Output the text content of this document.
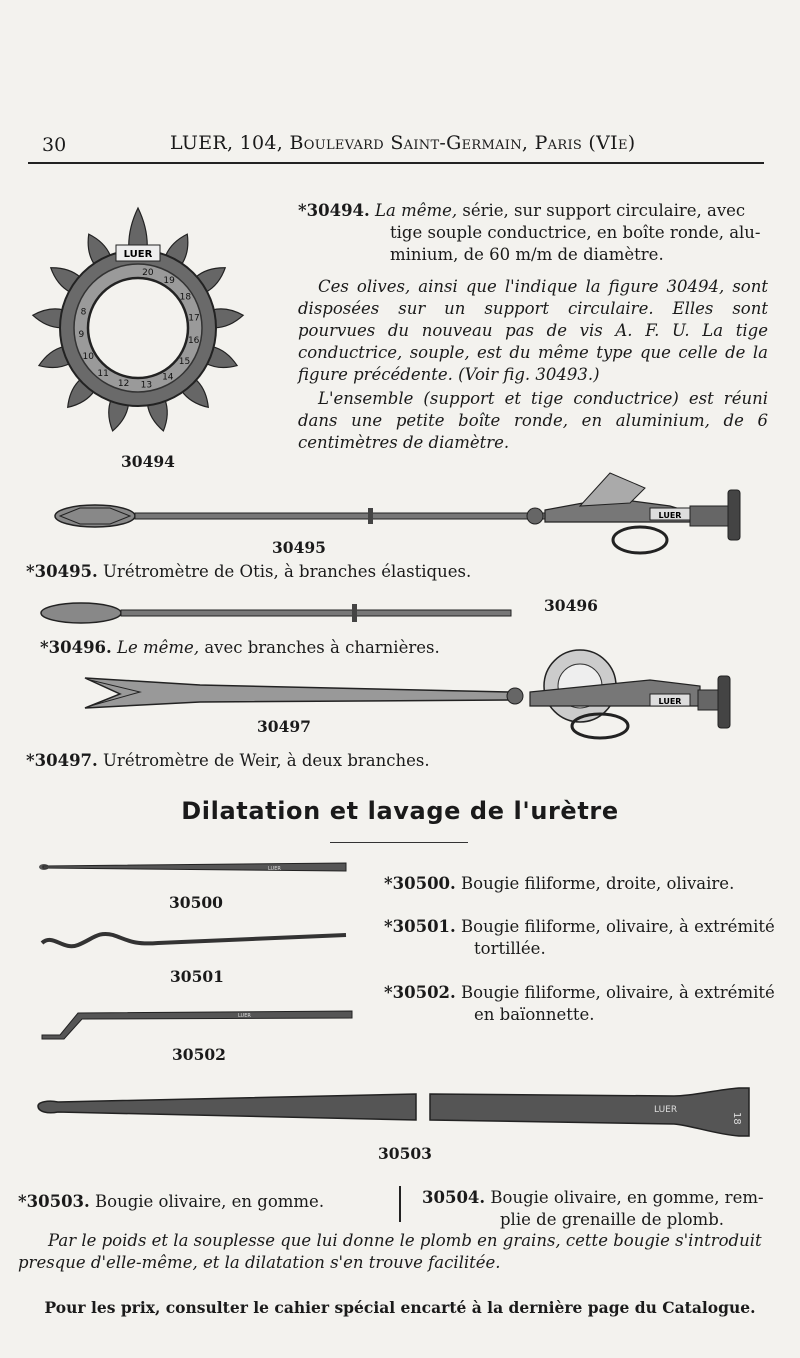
30	LUER, 104, Boulevard Saint-Germain, Paris (VIe)
LUER
20
19
18
17
16
15
14
13
12
11
10
9
8
30494
*30494. La même, série, sur support circulaire, avec
tige souple conductrice, en boîte ronde, alu-
minium, de 60 m/m de diamètre.
Ces olives, ainsi que l'indique la figure 30494, sont disposées sur un support circulaire. Elles sont pourvues du nouveau pas de vis A. F. U. La tige conductrice, souple, est du même type que celle de la figure précédente. (Voir fig. 30493.)
L'ensemble (support et tige conductrice) est réuni dans une petite boîte ronde, en aluminium, de 6 centimètres de diamètre.
LUER
30495
*30495. Urétromètre de Otis, à branches élastiques.
30496
*30496. Le même, avec branches à charnières.
LUER
30497
*30497. Urétromètre de Weir, à deux branches.
Dilatation et lavage de l'urètre
LUER
30500
30501
LUER
30502
*30500. Bougie filiforme, droite, olivaire.
*30501. Bougie filiforme, olivaire, à extrémité
tortillée.
*30502. Bougie filiforme, olivaire, à extrémité
en baïonnette.
LUER
18
30503
*30503. Bougie olivaire, en gomme.	30504. Bougie olivaire, en gomme, rem-
plie de grenaille de plomb.
Par le poids et la souplesse que lui donne le plomb en grains, cette bougie s'introduit presque d'elle-même, et la dilatation s'en trouve facilitée.
Pour les prix, consulter le cahier spécial encarté à la dernière page du Catalogue.
